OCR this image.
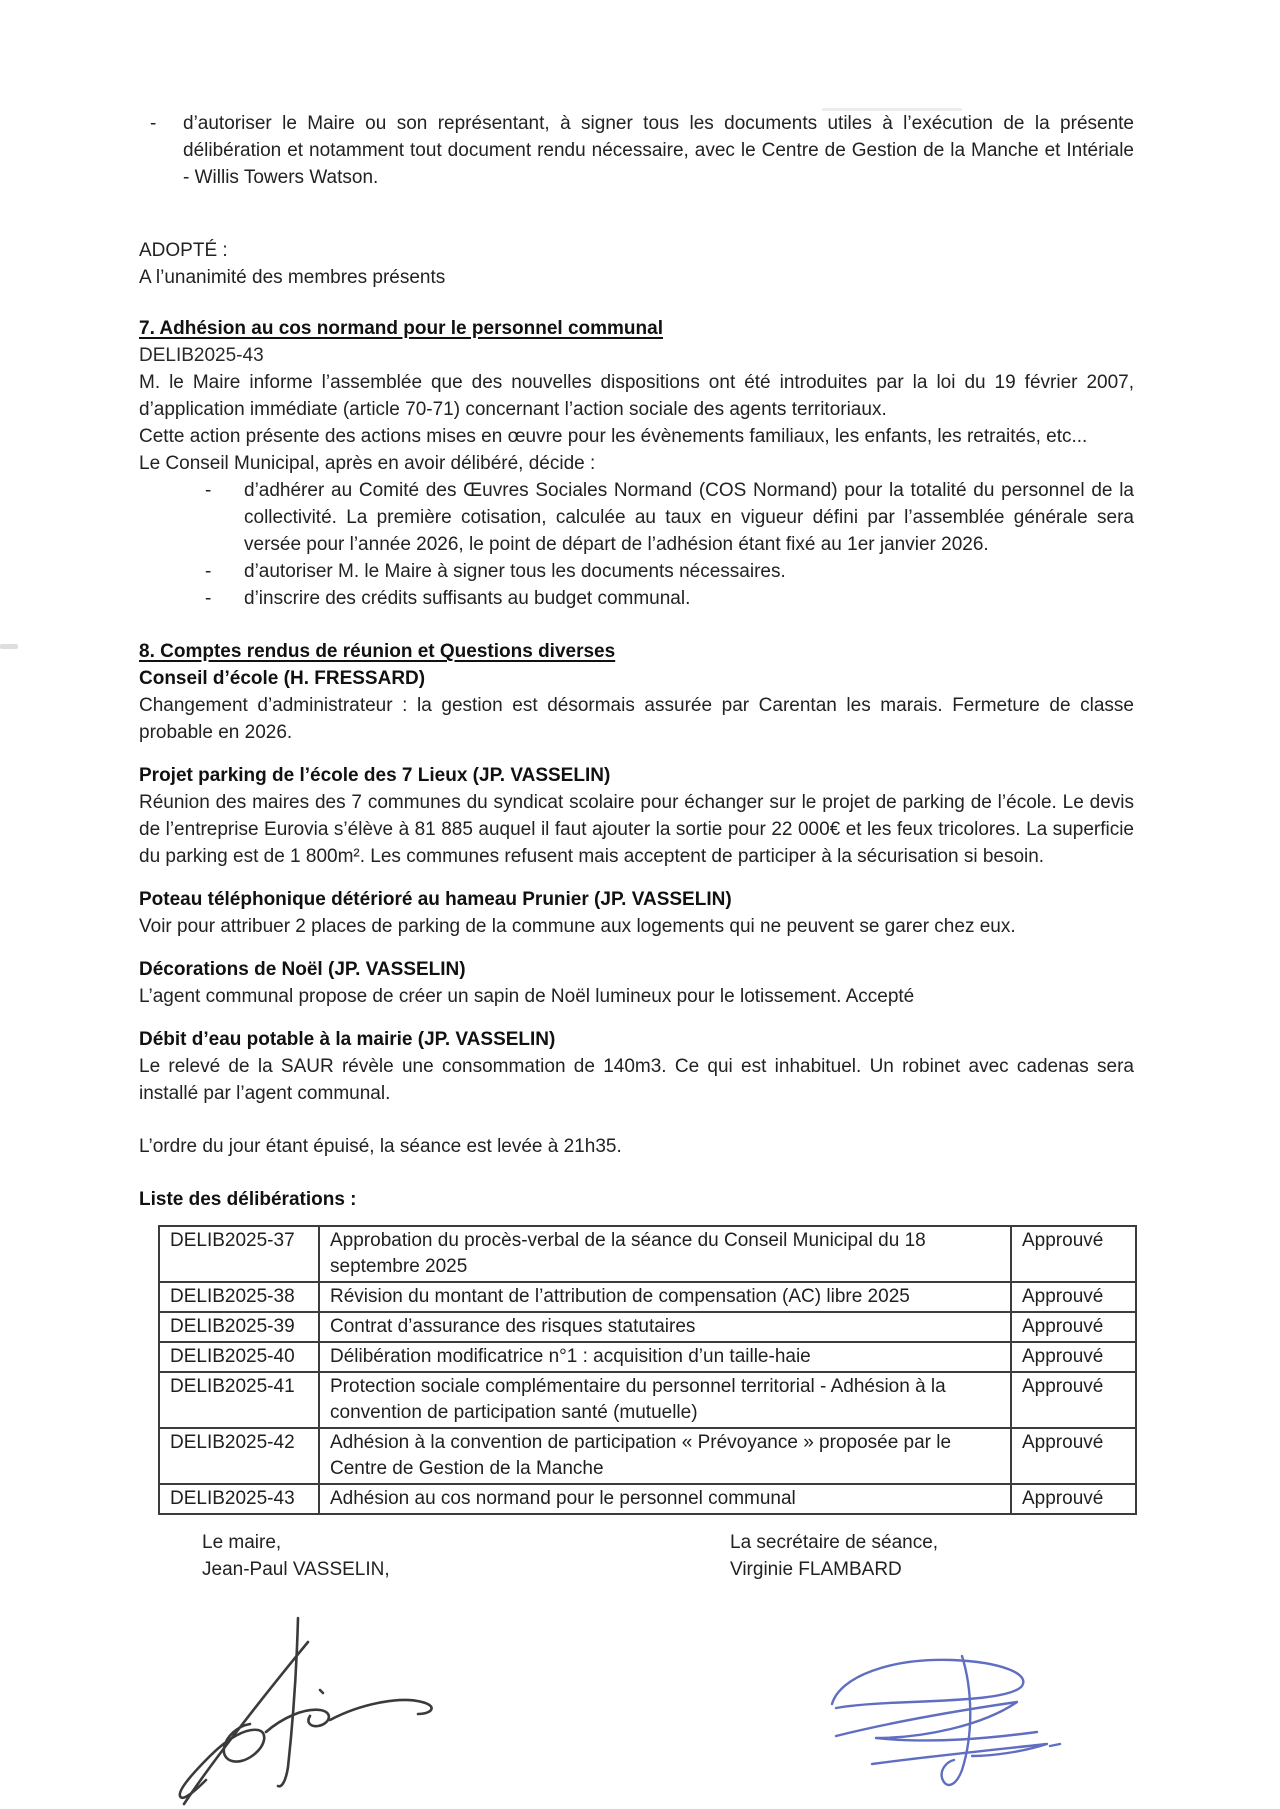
-	d’autoriser le Maire ou son représentant, à signer tous les documents utiles à l’exécution de la présente délibération et notamment tout document rendu nécessaire, avec le Centre de Gestion de la Manche et Intériale - Willis Towers Watson.
ADOPTÉ :
A l’unanimité des membres présents
7. Adhésion au cos normand pour le personnel communal
DELIB2025-43
M. le Maire informe l’assemblée que des nouvelles dispositions ont été introduites par la loi du 19 février 2007, d’application immédiate (article 70-71) concernant l’action sociale des agents territoriaux.
Cette action présente des actions mises en œuvre pour les évènements familiaux, les enfants, les retraités, etc...
Le Conseil Municipal, après en avoir délibéré, décide :
-	d’adhérer au Comité des Œuvres Sociales Normand (COS Normand) pour la totalité du personnel de la collectivité. La première cotisation, calculée au taux en vigueur défini par l’assemblée générale sera versée pour l’année 2026, le point de départ de l’adhésion étant fixé au 1er janvier 2026.
-	d’autoriser M. le Maire à signer tous les documents nécessaires.
-	d’inscrire des crédits suffisants au budget communal.
8. Comptes rendus de réunion et Questions diverses
Conseil d’école (H. FRESSARD)
Changement d’administrateur : la gestion est désormais assurée par Carentan les marais. Fermeture de classe probable en 2026.
Projet parking de l’école des 7 Lieux (JP. VASSELIN)
Réunion des maires des 7 communes du syndicat scolaire pour échanger sur le projet de parking de l’école. Le devis de l’entreprise Eurovia s’élève à 81 885 auquel il faut ajouter la sortie pour 22 000€ et les feux tricolores. La superficie du parking est de 1 800m². Les communes refusent mais acceptent de participer à la sécurisation si besoin.
Poteau téléphonique détérioré au hameau Prunier (JP. VASSELIN)
Voir pour attribuer 2 places de parking de la commune aux logements qui ne peuvent se garer chez eux.
Décorations de Noël (JP. VASSELIN)
L’agent communal propose de créer un sapin de Noël lumineux pour le lotissement. Accepté
Débit d’eau potable à la mairie (JP. VASSELIN)
Le relevé de la SAUR révèle une consommation de 140m3. Ce qui est inhabituel. Un robinet avec cadenas sera installé par l’agent communal.
L’ordre du jour étant épuisé, la séance est levée à 21h35.
Liste des délibérations :
DELIB2025-37	Approbation du procès-verbal de la séance du Conseil Municipal du 18 septembre 2025	Approuvé
DELIB2025-38	Révision du montant de l’attribution de compensation (AC) libre 2025	Approuvé
DELIB2025-39	Contrat d’assurance des risques statutaires	Approuvé
DELIB2025-40	Délibération modificatrice n°1 : acquisition d’un taille-haie	Approuvé
DELIB2025-41	Protection sociale complémentaire du personnel territorial - Adhésion à la convention de participation santé (mutuelle)	Approuvé
DELIB2025-42	Adhésion à la convention de participation « Prévoyance » proposée par le Centre de Gestion de la Manche	Approuvé
DELIB2025-43	Adhésion au cos normand pour le personnel communal	Approuvé
Le maire,
Jean-Paul VASSELIN,
La secrétaire de séance,
Virginie FLAMBARD
